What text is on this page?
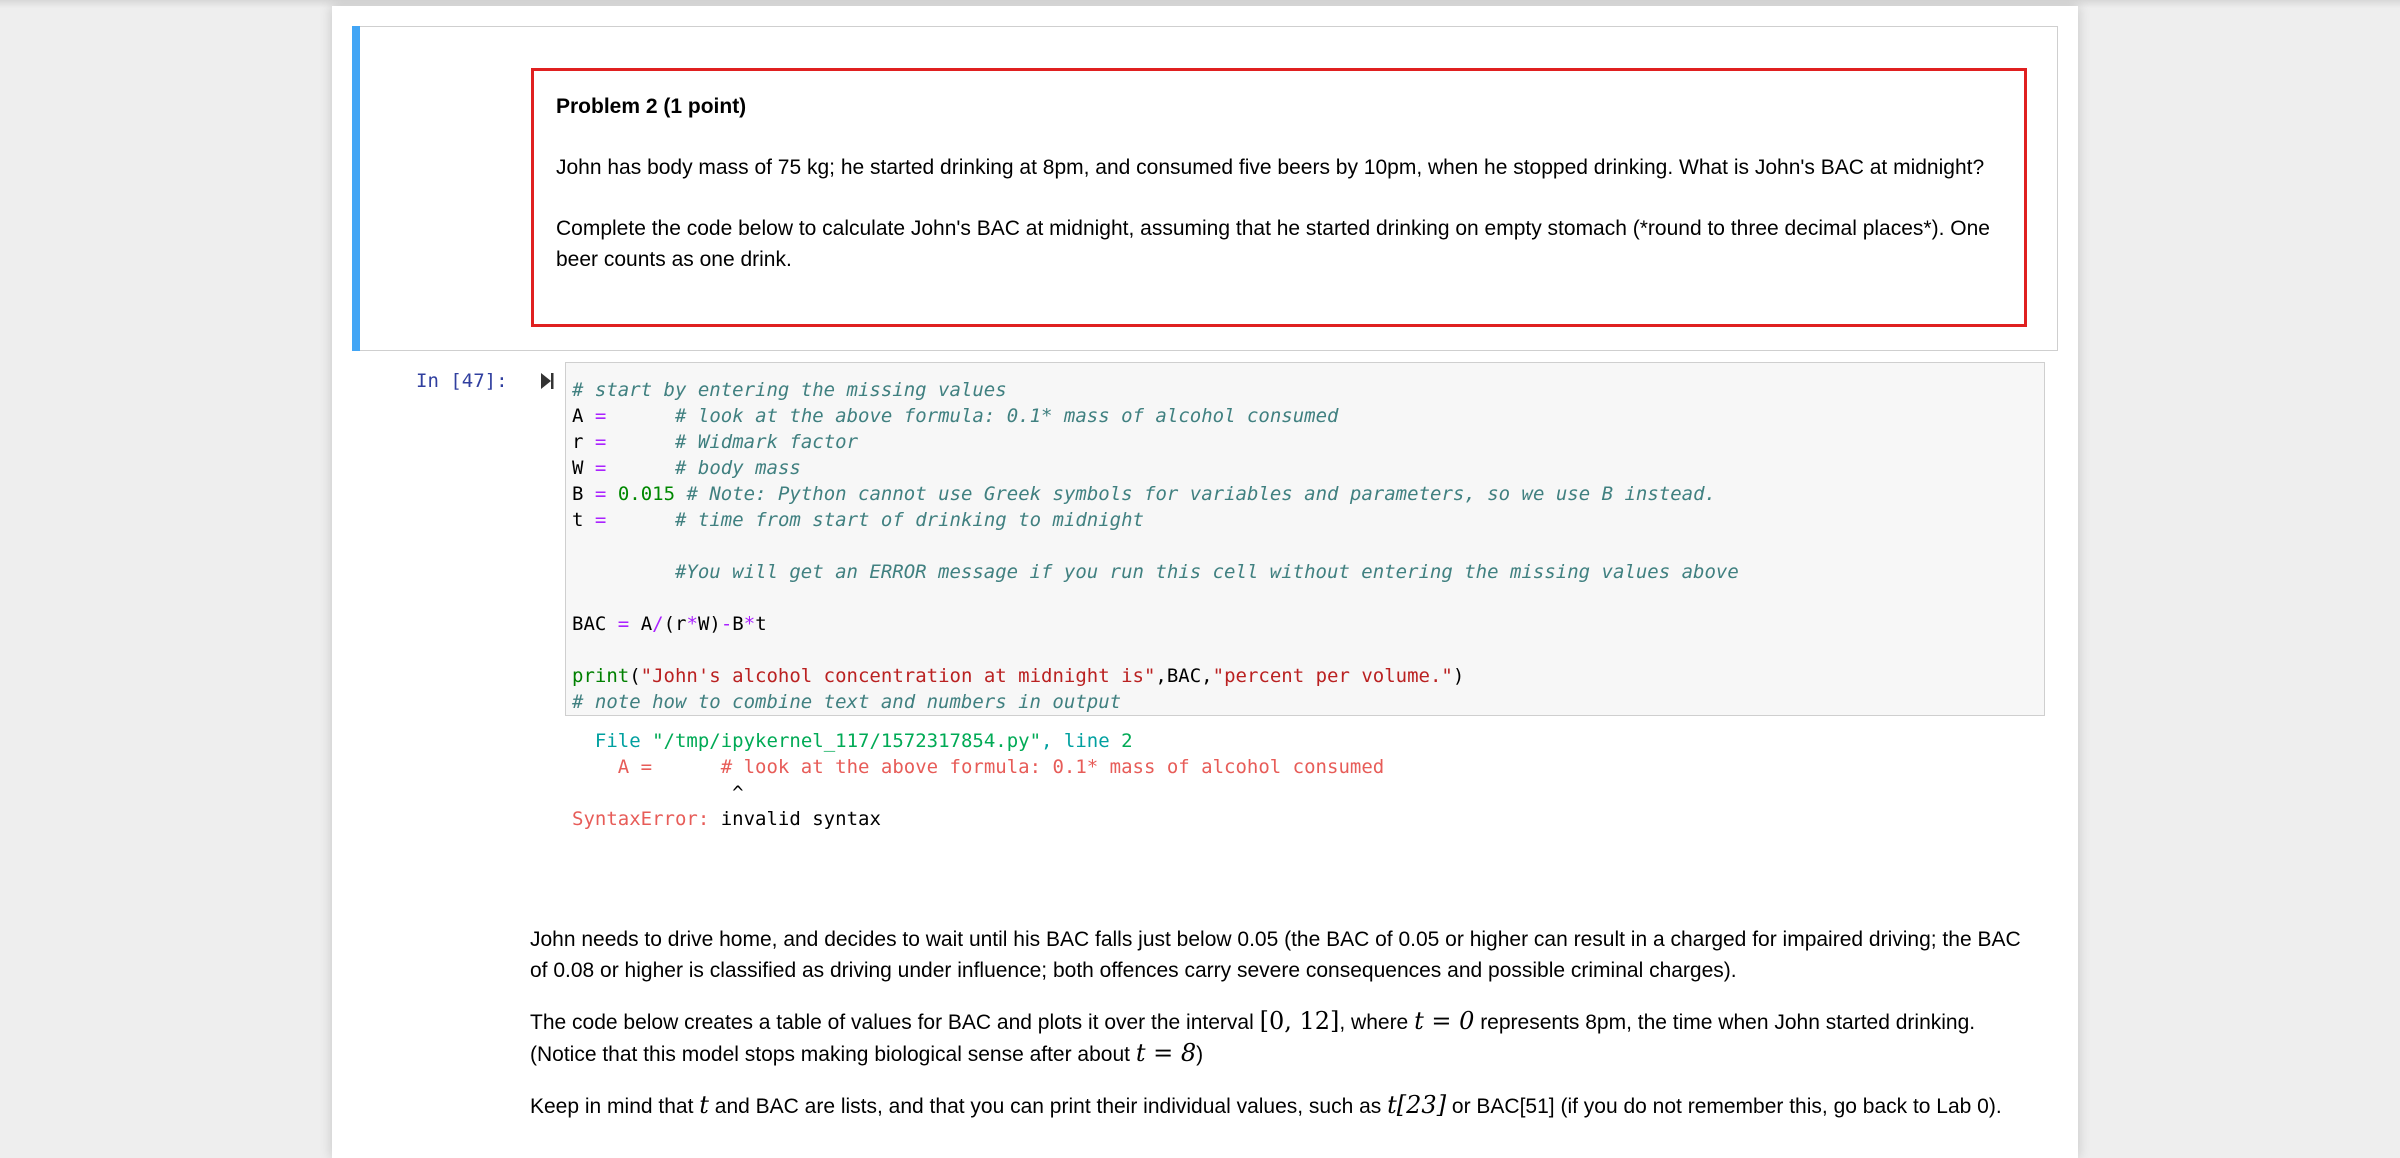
Problem 2 (1 point)

John has body mass of 75 kg; he started drinking at 8pm, and consumed five beers by 10pm, when he stopped drinking. What is John's BAC at midnight?

Complete the code below to calculate John's BAC at midnight, assuming that he started drinking on empty stomach (*round to three decimal places*). One beer counts as one drink.

In [47]:	# start by entering the missing values
A =	# look at the above formula: 0.1* mass of alcohol consumed
r =	# Widmark factor
W =	# body mass
B = 0.015 # Note: Python cannot use Greek symbols for variables and parameters, so we use B instead.
t =	# time from start of drinking to midnight
#You will get an ERROR message if you run this cell without entering the missing values above
BAC = A/(r*W)-B*t
print("John's alcohol concentration at midnight is",BAC,"percent per volume.")
# note how to combine text and numbers in output
File "/tmp/ipykernel_117/1572317854.py", line 2
A =	# look at the above formula: 0.1* mass of alcohol consumed
^
SyntaxError: invalid syntax

John needs to drive home, and decides to wait until his BAC falls just below 0.05 (the BAC of 0.05 or higher can result in a charged for impaired driving; the BAC of 0.08 or higher is classified as driving under influence; both offences carry severe consequences and possible criminal charges).

The code below creates a table of values for BAC and plots it over the interval [0, 12], where t = 0 represents 8pm, the time when John started drinking. (Notice that this model stops making biological sense after about t = 8)

Keep in mind that t and BAC are lists, and that you can print their individual values, such as t[23] or BAC[51] (if you do not remember this, go back to Lab 0).
